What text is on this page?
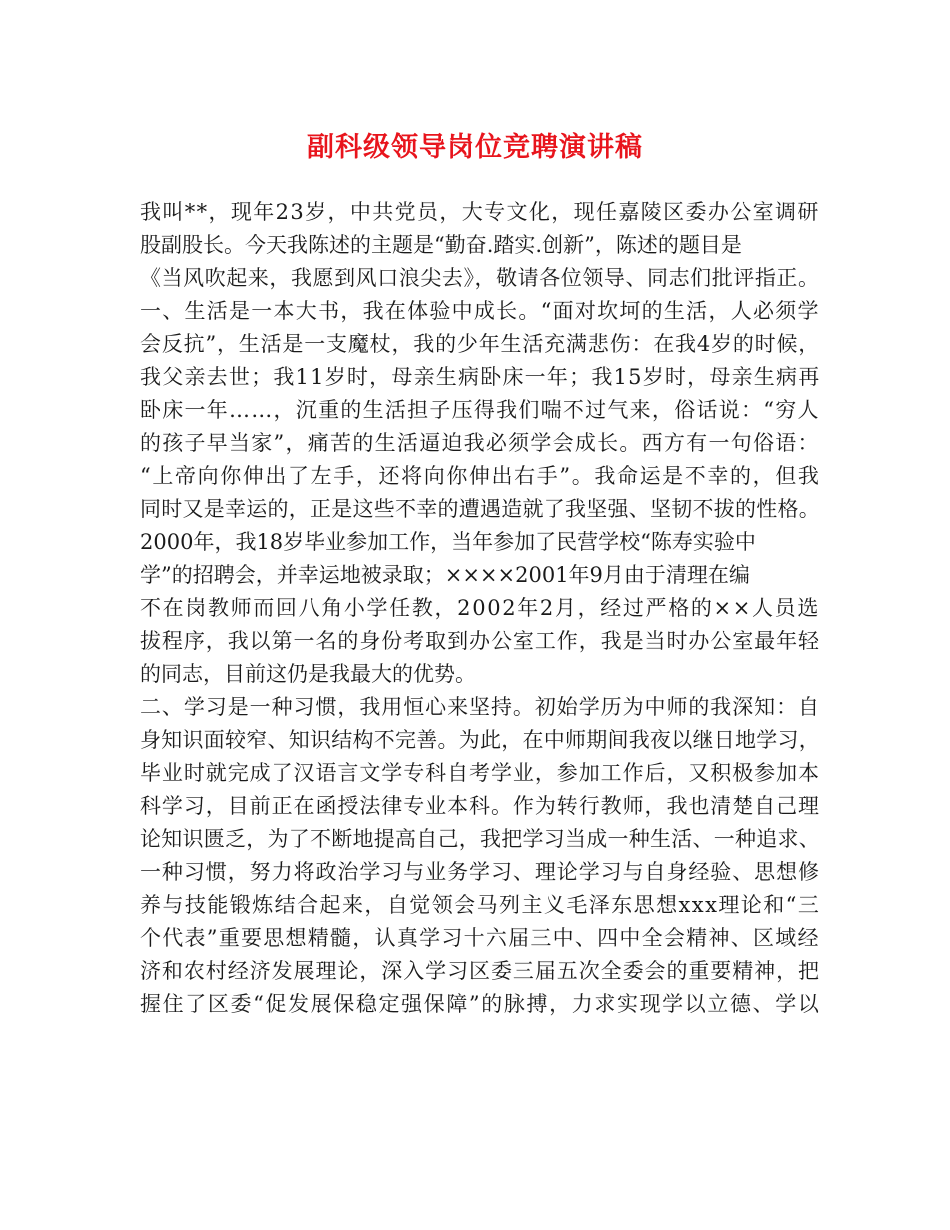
副科级领导岗位竞聘演讲稿
我叫**，现年23岁，中共党员，大专文化，现任嘉陵区委办公室调研
股副股长。今天我陈述的主题是“勤奋.踏实.创新”，陈述的题目是
《当风吹起来，我愿到风口浪尖去》，敬请各位领导、同志们批评指正。
一、生活是一本大书，我在体验中成长。“面对坎坷的生活，人必须学
会反抗”，生活是一支魔杖，我的少年生活充满悲伤：在我4岁的时候，
我父亲去世；我11岁时，母亲生病卧床一年；我15岁时，母亲生病再
卧床一年……，沉重的生活担子压得我们喘不过气来，俗话说：“穷人
的孩子早当家”，痛苦的生活逼迫我必须学会成长。西方有一句俗语：
“上帝向你伸出了左手，还将向你伸出右手”。我命运是不幸的，但我
同时又是幸运的，正是这些不幸的遭遇造就了我坚强、坚韧不拔的性格。
2000年，我18岁毕业参加工作，当年参加了民营学校“陈寿实验中
学”的招聘会，并幸运地被录取；××××2001年9月由于清理在编
不在岗教师而回八角小学任教，2002年2月，经过严格的××人员选
拔程序，我以第一名的身份考取到办公室工作，我是当时办公室最年轻
的同志，目前这仍是我最大的优势。
二、学习是一种习惯，我用恒心来坚持。初始学历为中师的我深知：自
身知识面较窄、知识结构不完善。为此，在中师期间我夜以继日地学习，
毕业时就完成了汉语言文学专科自考学业，参加工作后，又积极参加本
科学习，目前正在函授法律专业本科。作为转行教师，我也清楚自己理
论知识匮乏，为了不断地提高自己，我把学习当成一种生活、一种追求、
一种习惯，努力将政治学习与业务学习、理论学习与自身经验、思想修
养与技能锻炼结合起来，自觉领会马列主义毛泽东思想xxx理论和“三
个代表”重要思想精髓，认真学习十六届三中、四中全会精神、区域经
济和农村经济发展理论，深入学习区委三届五次全委会的重要精神，把
握住了区委“促发展保稳定强保障”的脉搏，力求实现学以立德、学以
